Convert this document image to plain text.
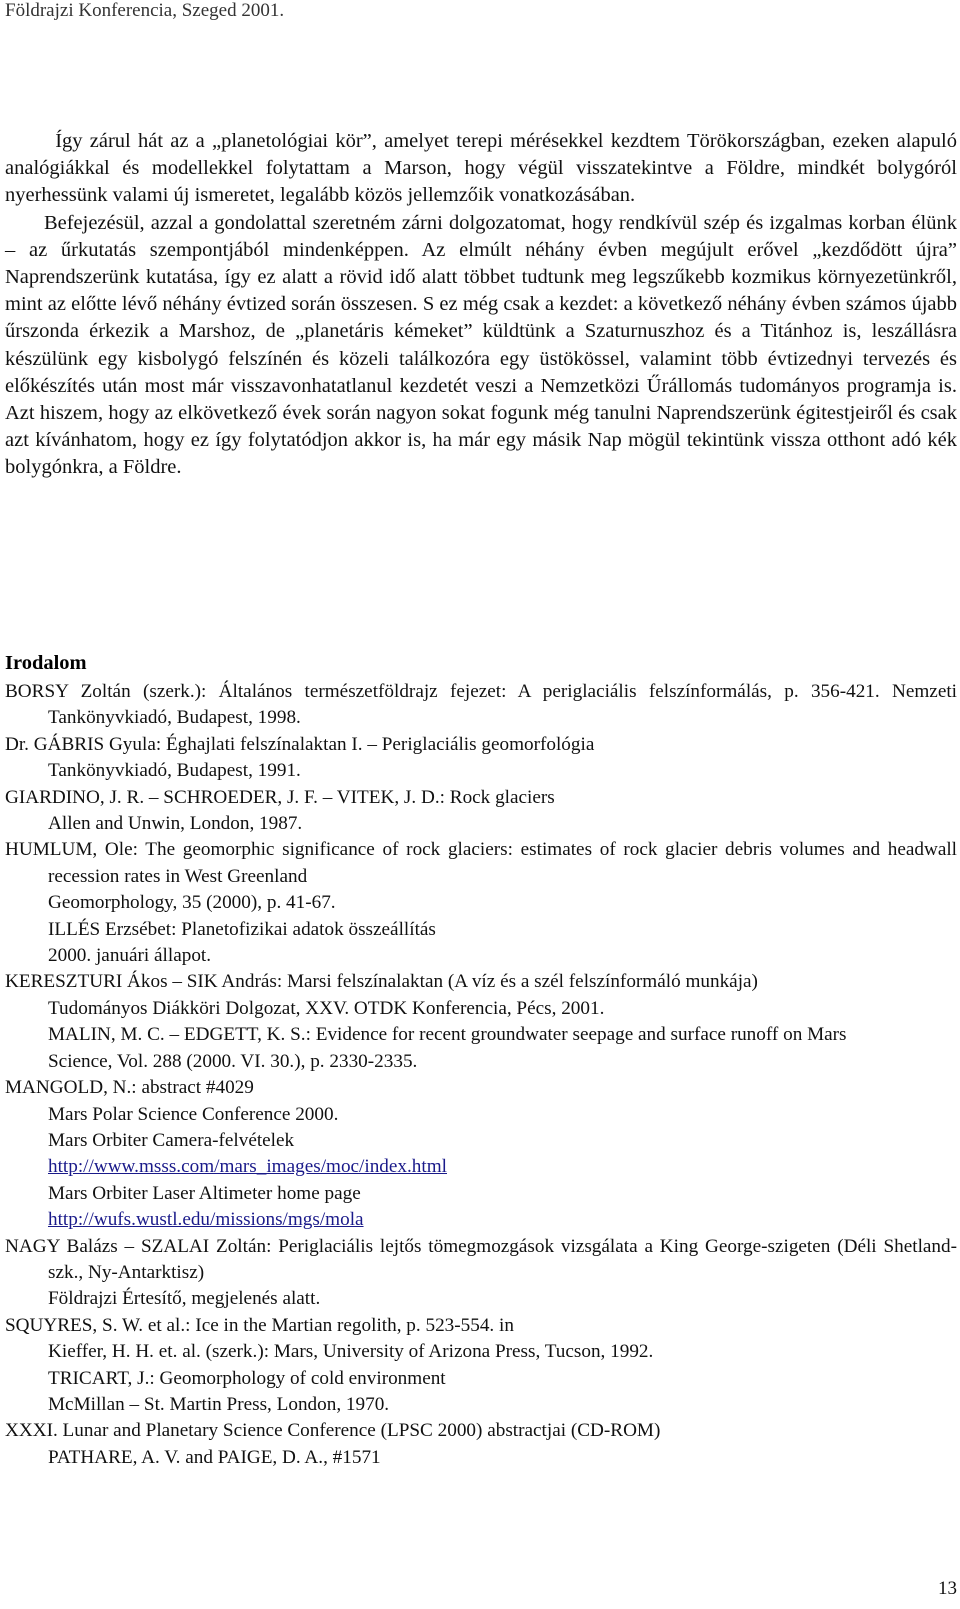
Földrajzi Konferencia, Szeged 2001.

Így zárul hát az a „planetológiai kör”, amelyet terepi mérésekkel kezdtem Törökországban, ezeken alapuló analógiákkal és modellekkel folytattam a Marson, hogy végül visszatekintve a Földre, mindkét bolygóról nyerhessünk valami új ismeretet, legalább közös jellemzőik vonatkozásában.

Befejezésül, azzal a gondolattal szeretném zárni dolgozatomat, hogy rendkívül szép és izgalmas korban élünk – az űrkutatás szempontjából mindenképpen. Az elmúlt néhány évben megújult erővel „kezdődött újra” Naprendszerünk kutatása, így ez alatt a rövid idő alatt többet tudtunk meg legszűkebb kozmikus környezetünkről, mint az előtte lévő néhány évtized során összesen. S ez még csak a kezdet: a következő néhány évben számos újabb űrszonda érkezik a Marshoz, de „planetáris kémeket” küldtünk a Szaturnuszhoz és a Titánhoz is, leszállásra készülünk egy kisbolygó felszínén és közeli találkozóra egy üstökössel, valamint több évtizednyi tervezés és előkészítés után most már visszavonhatatlanul kezdetét veszi a Nemzetközi Űrállomás tudományos programja is. Azt hiszem, hogy az elkövetkező évek során nagyon sokat fogunk még tanulni Naprendszerünk égitestjeiről és csak azt kívánhatom, hogy ez így folytatódjon akkor is, ha már egy másik Nap mögül tekintünk vissza otthont adó kék bolygónkra, a Földre.

Irodalom
BORSY Zoltán (szerk.): Általános természetföldrajz fejezet: A periglaciális felszínformálás, p. 356-421. Nemzeti Tankönyvkiadó, Budapest, 1998.
Dr. GÁBRIS Gyula: Éghajlati felszínalaktan I. – Periglaciális geomorfológia
Tankönyvkiadó, Budapest, 1991.
GIARDINO, J. R. – SCHROEDER, J. F. – VITEK, J. D.: Rock glaciers
Allen and Unwin, London, 1987.
HUMLUM, Ole: The geomorphic significance of rock glaciers: estimates of rock glacier debris volumes and headwall recession rates in West Greenland
Geomorphology, 35 (2000), p. 41-67.
ILLÉS Erzsébet: Planetofizikai adatok összeállítás
2000. januári állapot.
KERESZTURI Ákos – SIK András: Marsi felszínalaktan (A víz és a szél felszínformáló munkája)
Tudományos Diákköri Dolgozat, XXV. OTDK Konferencia, Pécs, 2001.
MALIN, M. C. – EDGETT, K. S.: Evidence for recent groundwater seepage and surface runoff on Mars
Science, Vol. 288 (2000. VI. 30.), p. 2330-2335.
MANGOLD, N.: abstract #4029
Mars Polar Science Conference 2000.
Mars Orbiter Camera-felvételek
http://www.msss.com/mars_images/moc/index.html
Mars Orbiter Laser Altimeter home page
http://wufs.wustl.edu/missions/mgs/mola
NAGY Balázs – SZALAI Zoltán: Periglaciális lejtős tömegmozgások vizsgálata a King George-szigeten (Déli Shetland-szk., Ny-Antarktisz)
Földrajzi Értesítő, megjelenés alatt.
SQUYRES, S. W. et al.: Ice in the Martian regolith, p. 523-554. in
Kieffer, H. H. et. al. (szerk.): Mars, University of Arizona Press, Tucson, 1992.
TRICART, J.: Geomorphology of cold environment
McMillan – St. Martin Press, London, 1970.
XXXI. Lunar and Planetary Science Conference (LPSC 2000) abstractjai (CD-ROM)
PATHARE, A. V. and PAIGE, D. A., #1571
13
